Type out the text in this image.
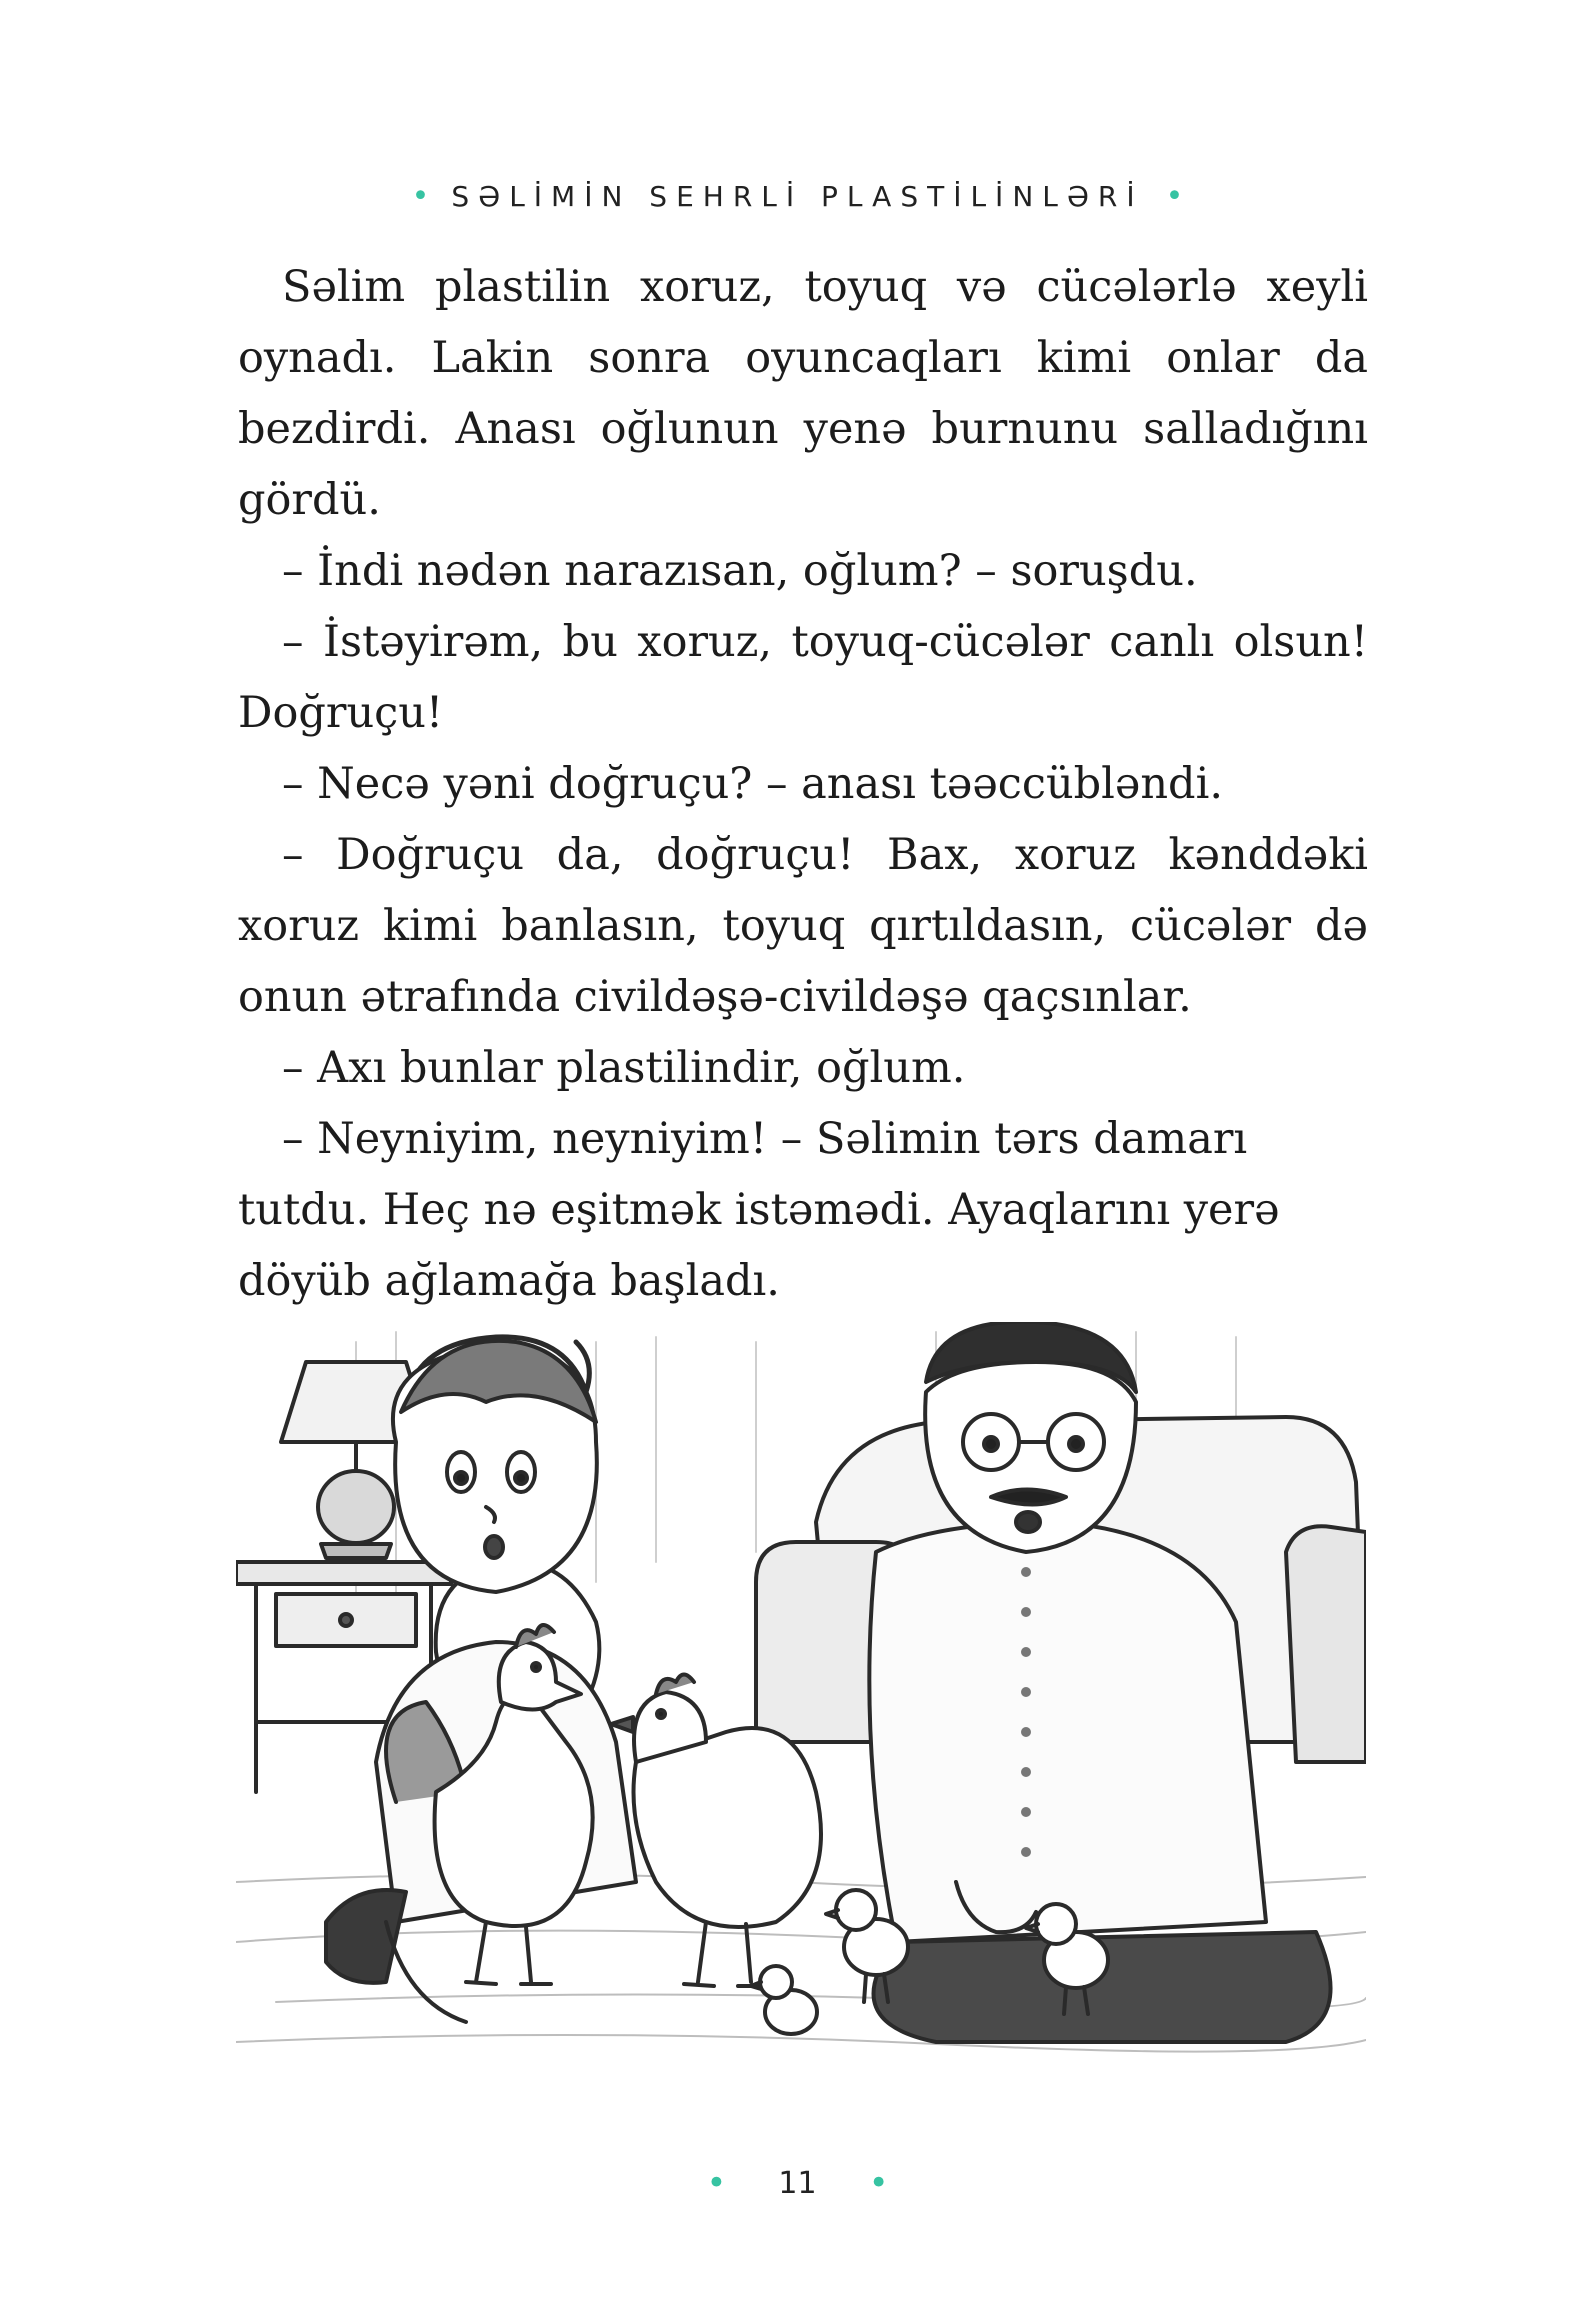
• SƏLİMİN SEHRLİ PLASTİLİNLƏRİ •

Səlim plastilin xoruz, toyuq və cücələrlə xeyli oynadı. Lakin sonra oyuncaqları kimi onlar da bezdirdi. Anası oğlunun yenə burnunu salladığını gördü.

– İndi nədən narazısan, oğlum? – soruşdu.

– İstəyirəm, bu xoruz, toyuq-cücələr canlı olsun! Doğruçu!

– Necə yəni doğruçu? – anası təəccübləndi.

– Doğruçu da, doğruçu! Bax, xoruz kənddəki xoruz kimi banlasın, toyuq qırtıldasın, cücələr də onun ətrafında civildəşə-civildəşə qaçsınlar.

– Axı bunlar plastilindir, oğlum.

– Neyniyim, neyniyim! – Səlimin tərs damarı tutdu. Heç nə eşitmək istəmədi. Ayaqlarını yerə döyüb ağlamağa başladı.

• 11 •
